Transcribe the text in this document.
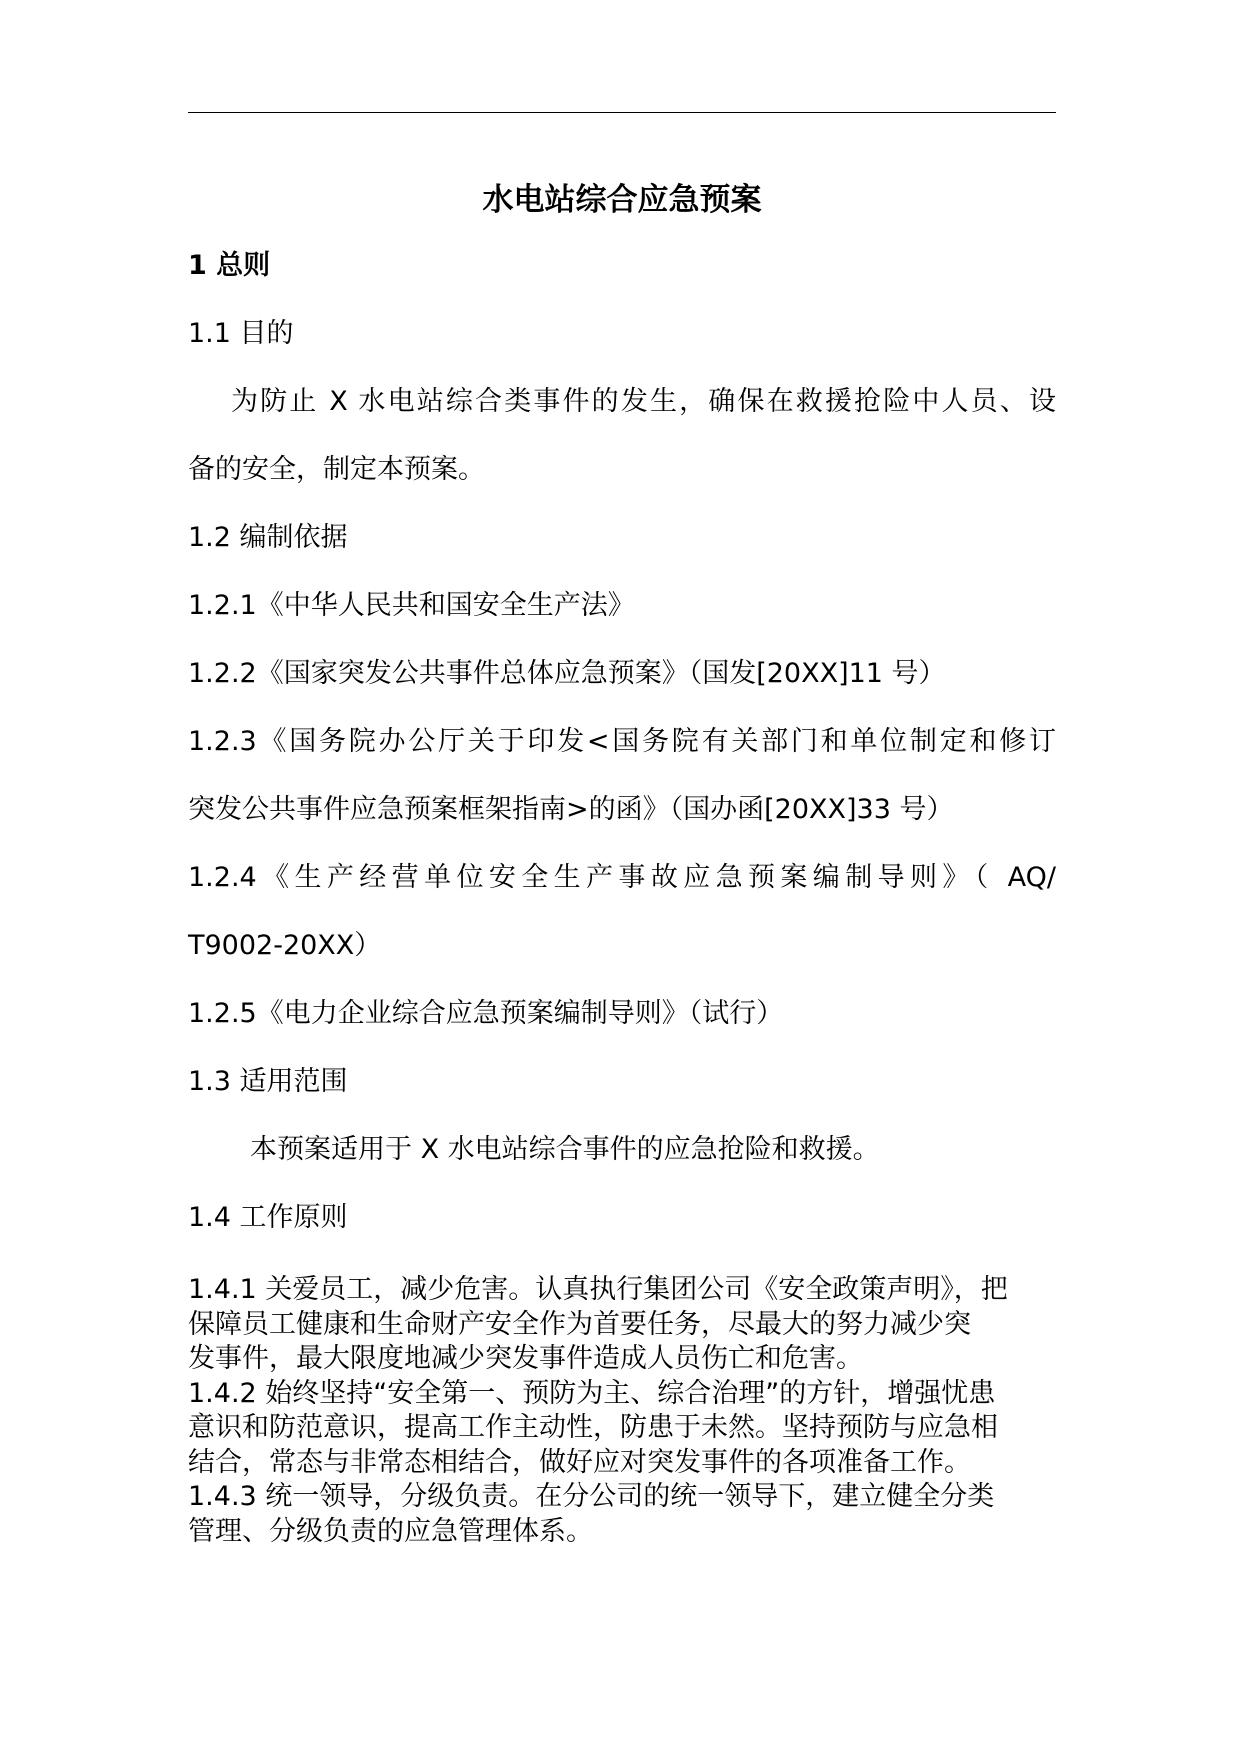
水电站综合应急预案
1 总则
1.1 目的
为防止 X 水电站综合类事件的发生，确保在救援抢险中人员、设
备的安全，制定本预案。
1.2 编制依据
1.2.1《中华人民共和国安全生产法》
1.2.2《国家突发公共事件总体应急预案》（国发[20XX]11 号）
1.2.3《国务院办公厅关于印发<国务院有关部门和单位制定和修订
突发公共事件应急预案框架指南>的函》（国办函[20XX]33 号）
1.2.4《生产经营单位安全生产事故应急预案编制导则》（ AQ/
T9002-20XX）
1.2.5《电力企业综合应急预案编制导则》（试行）
1.3 适用范围
本预案适用于 X 水电站综合事件的应急抢险和救援。
1.4 工作原则
1.4.1 关爱员工，减少危害。认真执行集团公司《安全政策声明》，把
保障员工健康和生命财产安全作为首要任务，尽最大的努力减少突
发事件，最大限度地减少突发事件造成人员伤亡和危害。
1.4.2 始终坚持“安全第一、预防为主、综合治理”的方针，增强忧患
意识和防范意识，提高工作主动性，防患于未然。坚持预防与应急相
结合，常态与非常态相结合，做好应对突发事件的各项准备工作。
1.4.3 统一领导，分级负责。在分公司的统一领导下，建立健全分类
管理、分级负责的应急管理体系。
